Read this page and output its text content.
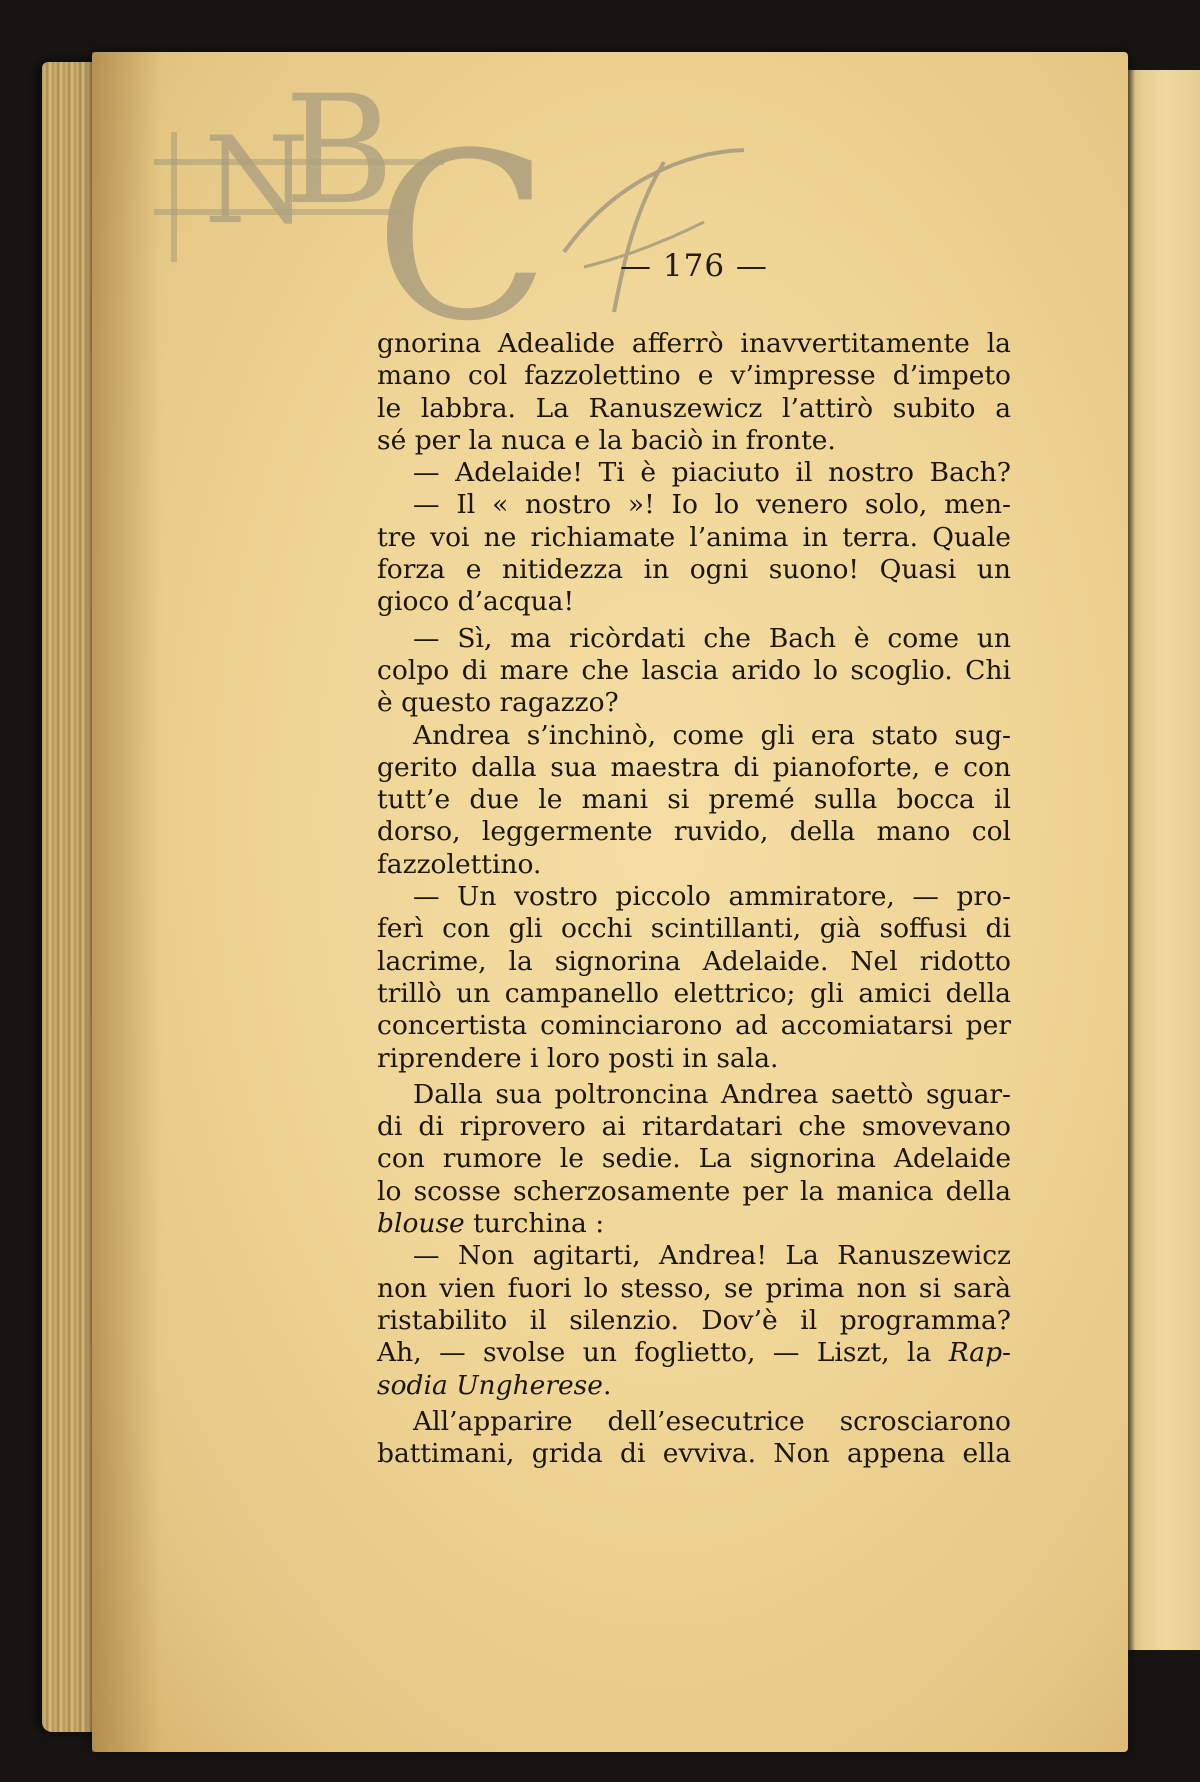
N
B
C	— 176 —
gnorina Adealide afferrò inavvertitamente la
mano col fazzolettino e v’impresse d’impeto
le labbra. La Ranuszewicz l’attirò subito a
sé per la nuca e la baciò in fronte.
— Adelaide! Ti è piaciuto il nostro Bach?
— Il « nostro »! Io lo venero solo, men-
tre voi ne richiamate l’anima in terra. Quale
forza e nitidezza in ogni suono! Quasi un
gioco d’acqua!
— Sì, ma ricòrdati che Bach è come un
colpo di mare che lascia arido lo scoglio. Chi
è questo ragazzo?
Andrea s’inchinò, come gli era stato sug-
gerito dalla sua maestra di pianoforte, e con
tutt’e due le mani si premé sulla bocca il
dorso, leggermente ruvido, della mano col
fazzolettino.
— Un vostro piccolo ammiratore, — pro-
ferì con gli occhi scintillanti, già soffusi di
lacrime, la signorina Adelaide. Nel ridotto
trillò un campanello elettrico; gli amici della
concertista cominciarono ad accomiatarsi per
riprendere i loro posti in sala.
Dalla sua poltroncina Andrea saettò sguar-
di di riprovero ai ritardatari che smovevano
con rumore le sedie. La signorina Adelaide
lo scosse scherzosamente per la manica della
blouse turchina :
— Non agitarti, Andrea! La Ranuszewicz
non vien fuori lo stesso, se prima non si sarà
ristabilito il silenzio. Dov’è il programma?
Ah, — svolse un foglietto, — Liszt, la Rap-
sodia Ungherese.
All’apparire dell’esecutrice scrosciarono
battimani, grida di evviva. Non appena ella
